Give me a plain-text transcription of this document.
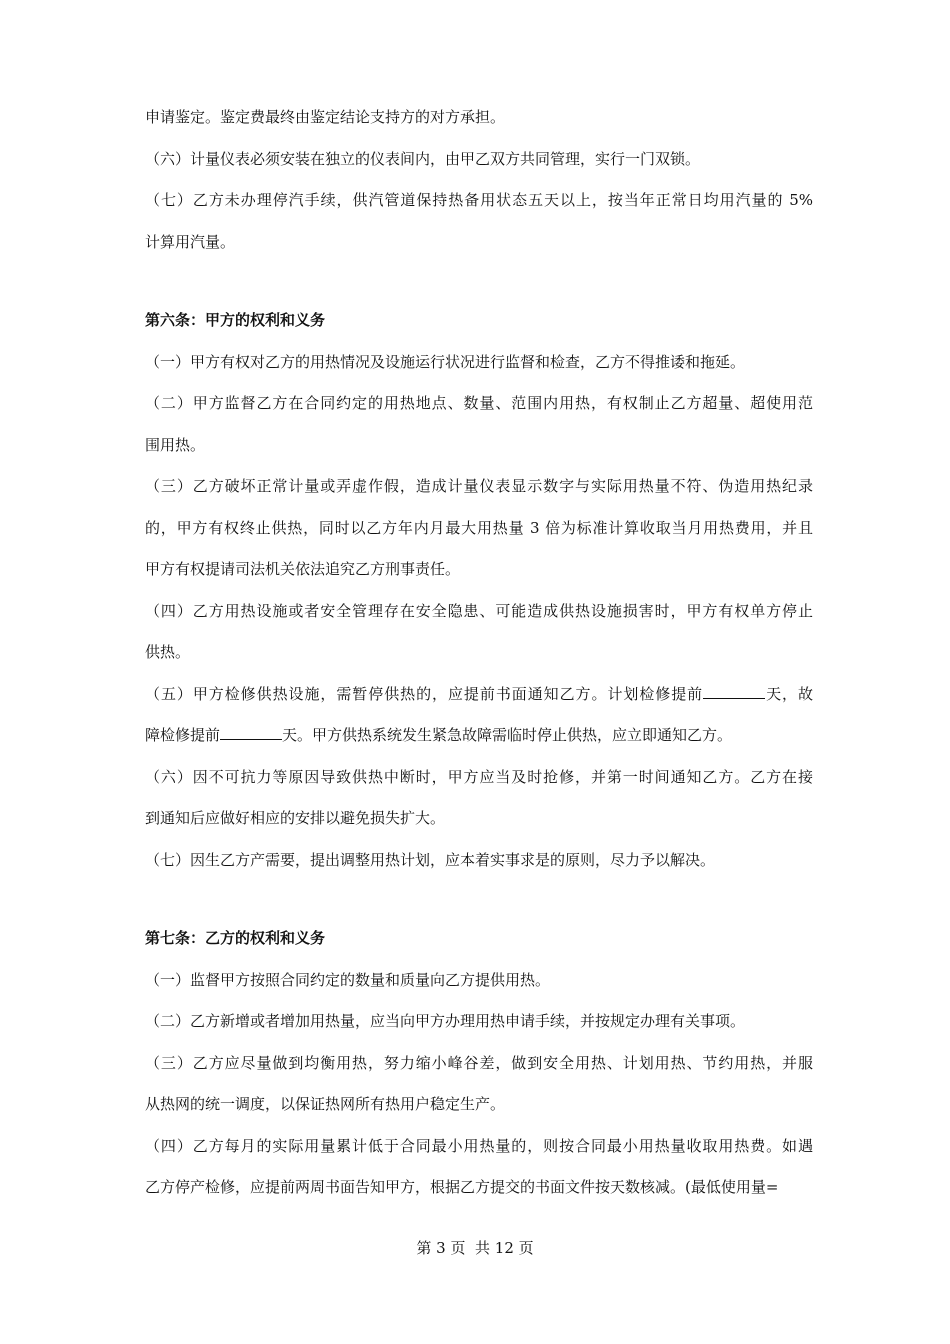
申请鉴定。鉴定费最终由鉴定结论支持方的对方承担。
（六）计量仪表必须安装在独立的仪表间内，由甲乙双方共同管理，实行一门双锁。
（七）乙方未办理停汽手续，供汽管道保持热备用状态五天以上，按当年正常日均用汽量的 5%
计算用汽量。
第六条：甲方的权利和义务
（一）甲方有权对乙方的用热情况及设施运行状况进行监督和检查，乙方不得推诿和拖延。
（二）甲方监督乙方在合同约定的用热地点、数量、范围内用热，有权制止乙方超量、超使用范
围用热。
（三）乙方破坏正常计量或弄虚作假，造成计量仪表显示数字与实际用热量不符、伪造用热纪录
的，甲方有权终止供热，同时以乙方年内月最大用热量 3 倍为标准计算收取当月用热费用，并且
甲方有权提请司法机关依法追究乙方刑事责任。
（四）乙方用热设施或者安全管理存在安全隐患、可能造成供热设施损害时，甲方有权单方停止
供热。
（五）甲方检修供热设施，需暂停供热的，应提前书面通知乙方。计划检修提前	天，故
障检修提前	天。甲方供热系统发生紧急故障需临时停止供热，应立即通知乙方。
（六）因不可抗力等原因导致供热中断时，甲方应当及时抢修，并第一时间通知乙方。乙方在接
到通知后应做好相应的安排以避免损失扩大。
（七）因生乙方产需要，提出调整用热计划，应本着实事求是的原则，尽力予以解决。
第七条：乙方的权利和义务
（一）监督甲方按照合同约定的数量和质量向乙方提供用热。
（二）乙方新增或者增加用热量，应当向甲方办理用热申请手续，并按规定办理有关事项。
（三）乙方应尽量做到均衡用热，努力缩小峰谷差，做到安全用热、计划用热、节约用热，并服
从热网的统一调度，以保证热网所有热用户稳定生产。
（四）乙方每月的实际用量累计低于合同最小用热量的，则按合同最小用热量收取用热费。如遇
乙方停产检修，应提前两周书面告知甲方，根据乙方提交的书面文件按天数核减。(最低使用量=
第 3 页  共 12 页
